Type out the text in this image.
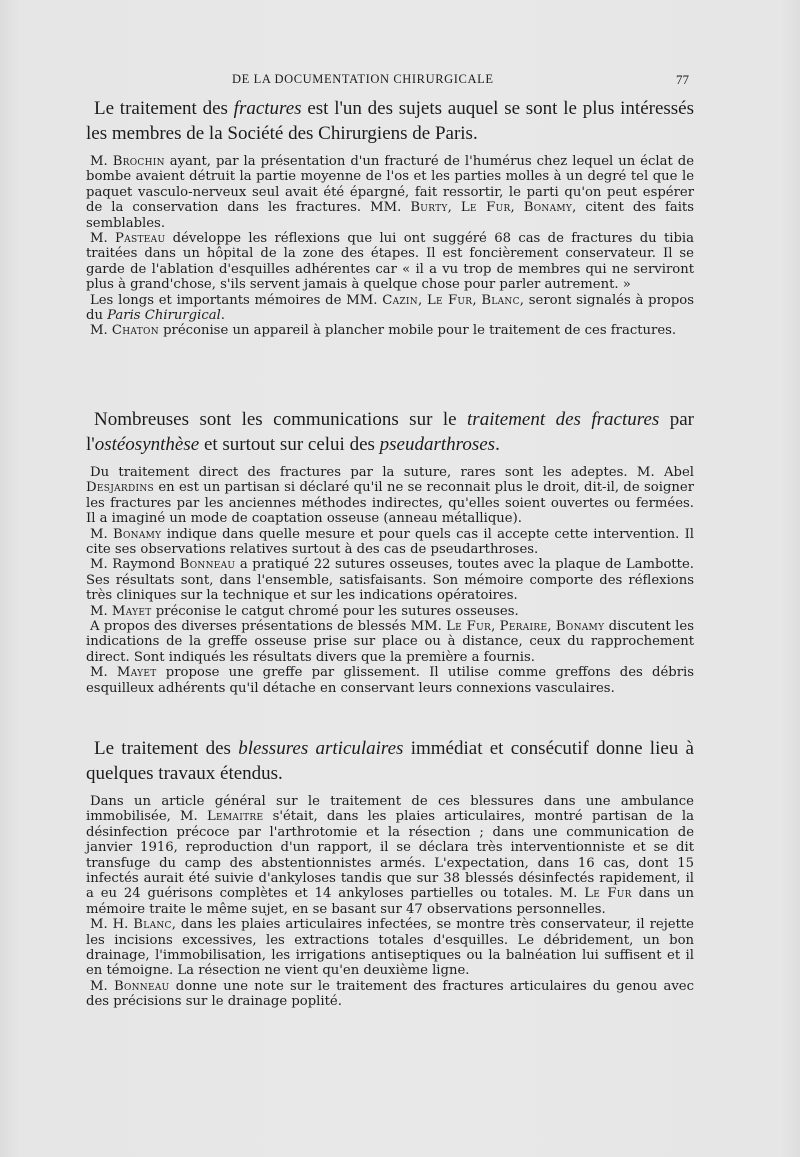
DE LA DOCUMENTATION CHIRURGICALE	77
Le traitement des fractures est l'un des sujets auquel se sont le plus intéressés les membres de la Société des Chirurgiens de Paris.
M. Brochin ayant, par la présentation d'un fracturé de l'humérus chez lequel un éclat de bombe avaient détruit la partie moyenne de l'os et les parties molles à un degré tel que le paquet vasculo-nerveux seul avait été épargné, fait ressortir, le parti qu'on peut espérer de la conservation dans les fractures. MM. Burty, Le Fur, Bonamy, citent des faits semblables.
M. Pasteau développe les réflexions que lui ont suggéré 68 cas de fractures du tibia traitées dans un hôpital de la zone des étapes. Il est foncièrement conservateur. Il se garde de l'ablation d'esquilles adhérentes car « il a vu trop de membres qui ne serviront plus à grand'chose, s'ils servent jamais à quelque chose pour parler autrement. »
Les longs et importants mémoires de MM. Cazin, Le Fur, Blanc, seront signalés à propos du Paris Chirurgical.
M. Chaton préconise un appareil à plancher mobile pour le traitement de ces fractures.
Nombreuses sont les communications sur le traitement des fractures par l'ostéosynthèse et surtout sur celui des pseudarthroses.
Du traitement direct des fractures par la suture, rares sont les adeptes. M. Abel Desjardins en est un partisan si déclaré qu'il ne se reconnait plus le droit, dit-il, de soigner les fractures par les anciennes méthodes indirectes, qu'elles soient ouvertes ou fermées. Il a imaginé un mode de coaptation osseuse (anneau métallique).
M. Bonamy indique dans quelle mesure et pour quels cas il accepte cette intervention. Il cite ses observations relatives surtout à des cas de pseudarthroses.
M. Raymond Bonneau a pratiqué 22 sutures osseuses, toutes avec la plaque de Lambotte. Ses résultats sont, dans l'ensemble, satisfaisants. Son mémoire comporte des réflexions très cliniques sur la technique et sur les indications opératoires.
M. Mayet préconise le catgut chromé pour les sutures osseuses.
A propos des diverses présentations de blessés MM. Le Fur, Peraire, Bonamy discutent les indications de la greffe osseuse prise sur place ou à distance, ceux du rapprochement direct. Sont indiqués les résultats divers que la première a fournis.
M. Mayet propose une greffe par glissement. Il utilise comme greffons des débris esquilleux adhérents qu'il détache en conservant leurs connexions vasculaires.
Le traitement des blessures articulaires immédiat et consécutif donne lieu à quelques travaux étendus.
Dans un article général sur le traitement de ces blessures dans une ambulance immobilisée, M. Lemaitre s'était, dans les plaies articulaires, montré partisan de la désinfection précoce par l'arthrotomie et la résection ; dans une communication de janvier 1916, reproduction d'un rapport, il se déclara très interventionniste et se dit transfuge du camp des abstentionnistes armés. L'expectation, dans 16 cas, dont 15 infectés aurait été suivie d'ankyloses tandis que sur 38 blessés désinfectés rapidement, il a eu 24 guérisons complètes et 14 ankyloses partielles ou totales. M. Le Fur dans un mémoire traite le même sujet, en se basant sur 47 observations personnelles.
M. H. Blanc, dans les plaies articulaires infectées, se montre très conservateur, il rejette les incisions excessives, les extractions totales d'esquilles. Le débridement, un bon drainage, l'immobilisation, les irrigations antiseptiques ou la balnéation lui suffisent et il en témoigne. La résection ne vient qu'en deuxième ligne.
M. Bonneau donne une note sur le traitement des fractures articulaires du genou avec des précisions sur le drainage poplité.
